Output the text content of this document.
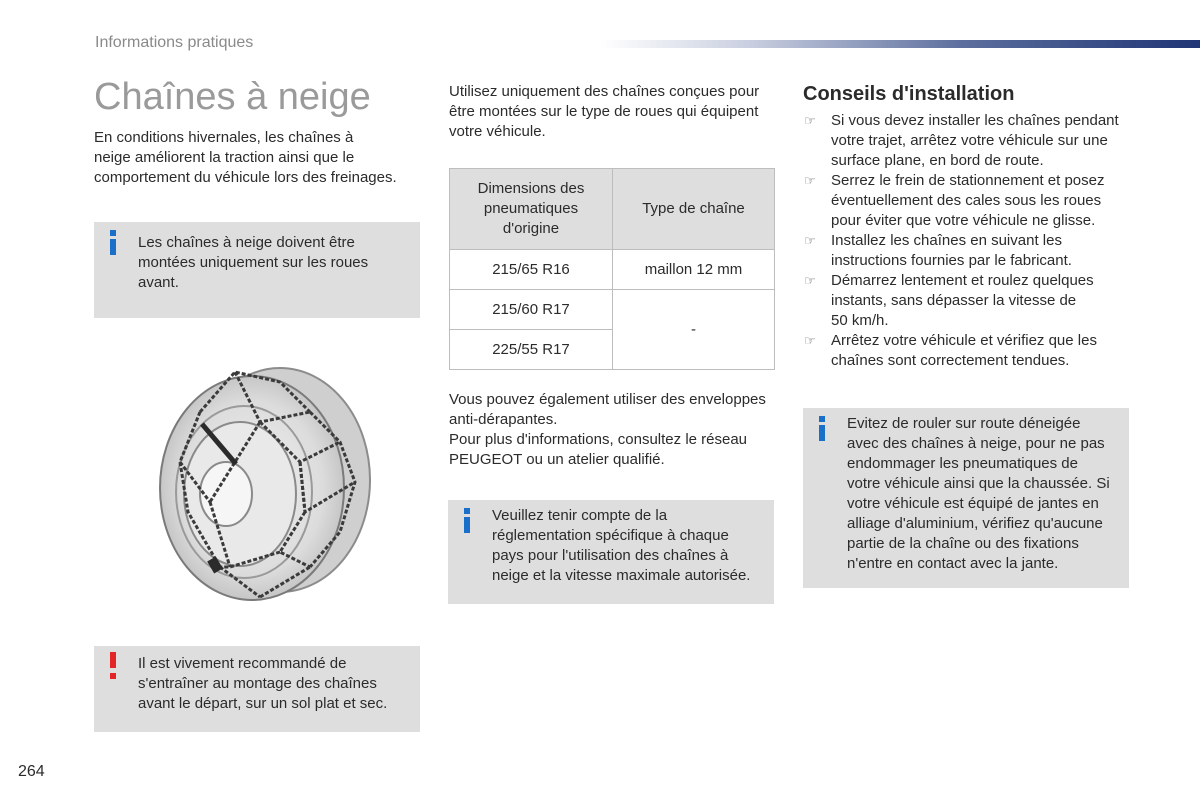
Informations pratiques
Chaînes à neige
En conditions hivernales, les chaînes à
neige améliorent la traction ainsi que le
comportement du véhicule lors des freinages.
Les chaînes à neige doivent être
montées uniquement sur les roues
avant.
Il est vivement recommandé de
s'entraîner au montage des chaînes
avant le départ, sur un sol plat et sec.
Utilisez uniquement des chaînes conçues pour
être montées sur le type de roues qui équipent
votre véhicule.
Dimensions des
pneumatiques
d'origine	Type de chaîne
215/65 R16	maillon 12 mm
215/60 R17	-
225/55 R17	
Vous pouvez également utiliser des enveloppes
anti-dérapantes.
Pour plus d'informations, consultez le réseau
PEUGEOT ou un atelier qualifié.
Veuillez tenir compte de la
réglementation spécifique à chaque
pays pour l'utilisation des chaînes à
neige et la vitesse maximale autorisée.
Conseils d'installation
☞ Si vous devez installer les chaînes pendant
votre trajet, arrêtez votre véhicule sur une
surface plane, en bord de route.
☞ Serrez le frein de stationnement et posez
éventuellement des cales sous les roues
pour éviter que votre véhicule ne glisse.
☞ Installez les chaînes en suivant les
instructions fournies par le fabricant.
☞ Démarrez lentement et roulez quelques
instants, sans dépasser la vitesse de
50 km/h.
☞ Arrêtez votre véhicule et vérifiez que les
chaînes sont correctement tendues.
Evitez de rouler sur route déneigée
avec des chaînes à neige, pour ne pas
endommager les pneumatiques de
votre véhicule ainsi que la chaussée. Si
votre véhicule est équipé de jantes en
alliage d'aluminium, vérifiez qu'aucune
partie de la chaîne ou des fixations
n'entre en contact avec la jante.
264
